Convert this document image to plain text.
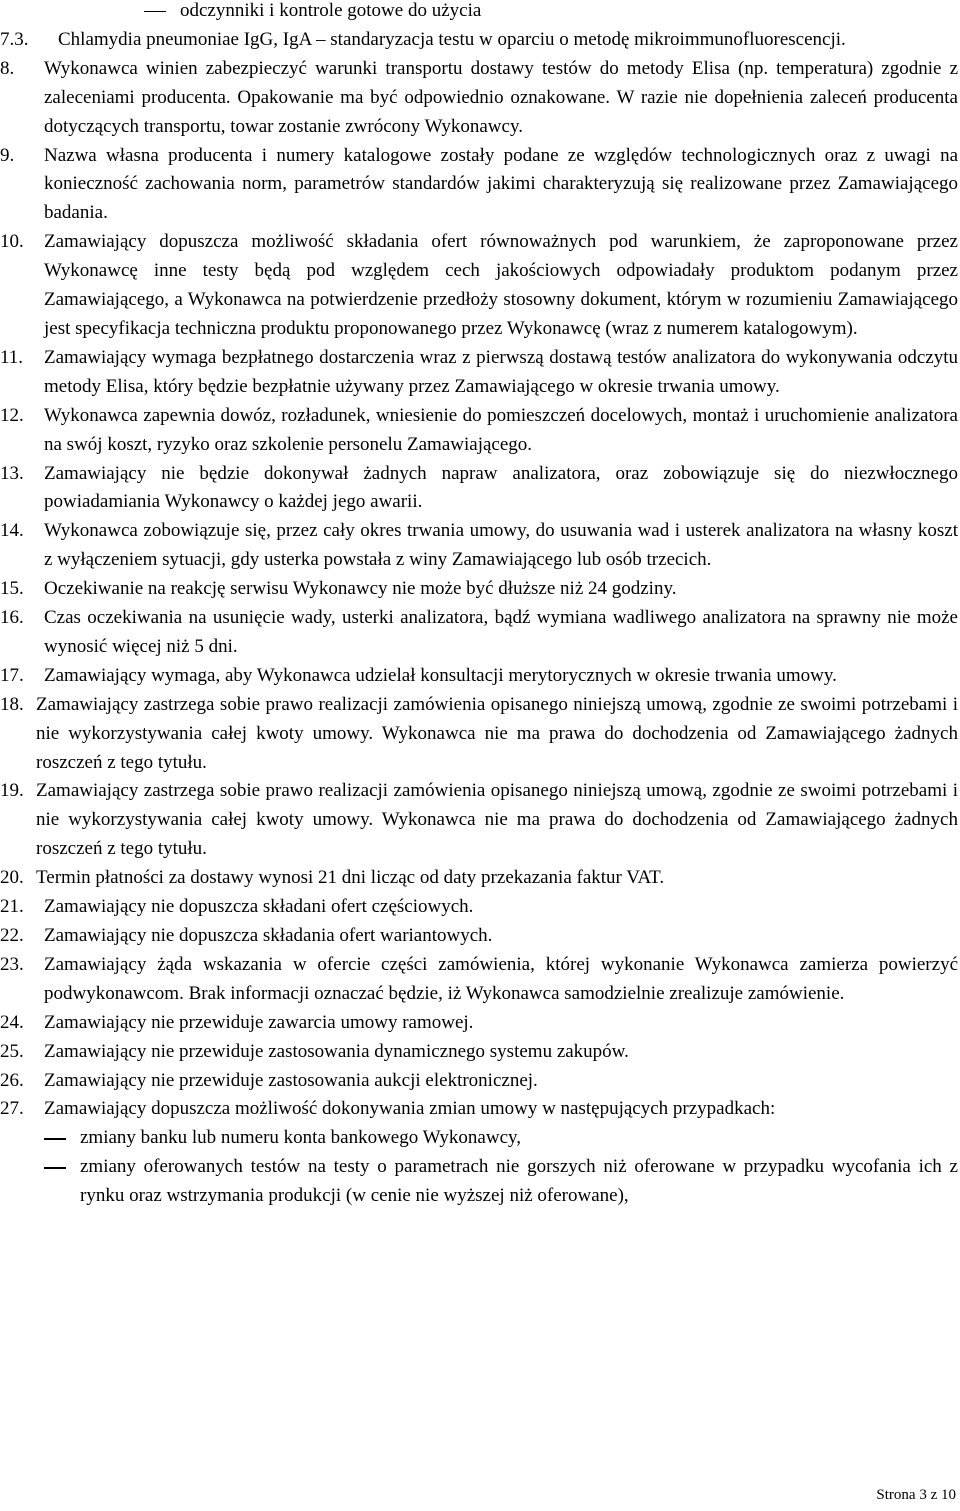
odczynniki i kontrole gotowe do użycia
7.3.	Chlamydia pneumoniae IgG, IgA – standaryzacja testu w oparciu o metodę mikroimmunofluorescencji.
8.	Wykonawca winien zabezpieczyć warunki transportu dostawy testów do metody Elisa (np. temperatura) zgodnie z zaleceniami producenta. Opakowanie ma być odpowiednio oznakowane. W razie nie dopełnienia zaleceń producenta dotyczących transportu, towar zostanie zwrócony Wykonawcy.
9.	Nazwa własna producenta i numery katalogowe zostały podane ze względów technologicznych oraz z uwagi na konieczność zachowania norm, parametrów standardów jakimi charakteryzują się realizowane przez Zamawiającego badania.
10.	Zamawiający dopuszcza możliwość składania ofert równoważnych pod warunkiem, że zaproponowane przez Wykonawcę inne testy będą pod względem cech jakościowych odpowiadały produktom podanym przez Zamawiającego, a Wykonawca na potwierdzenie przedłoży stosowny dokument, którym w rozumieniu Zamawiającego jest specyfikacja techniczna produktu proponowanego przez Wykonawcę (wraz z numerem katalogowym).
11.	Zamawiający wymaga bezpłatnego dostarczenia wraz z pierwszą dostawą testów analizatora do wykonywania odczytu metody Elisa, który będzie bezpłatnie używany przez Zamawiającego w okresie trwania umowy.
12.	Wykonawca zapewnia dowóz, rozładunek, wniesienie do pomieszczeń docelowych, montaż i uruchomienie analizatora na swój koszt, ryzyko oraz szkolenie personelu Zamawiającego.
13.	Zamawiający nie będzie dokonywał żadnych napraw analizatora, oraz zobowiązuje się do niezwłocznego powiadamiania Wykonawcy o każdej jego awarii.
14.	Wykonawca zobowiązuje się, przez cały okres trwania umowy, do usuwania wad i usterek analizatora na własny koszt z wyłączeniem sytuacji, gdy usterka powstała z winy Zamawiającego lub osób trzecich.
15.	Oczekiwanie na reakcję serwisu Wykonawcy nie może być dłuższe niż 24 godziny.
16.	Czas oczekiwania na usunięcie wady, usterki analizatora, bądź wymiana wadliwego analizatora na sprawny nie może wynosić więcej niż 5 dni.
17.	Zamawiający wymaga, aby Wykonawca udzielał konsultacji merytorycznych w okresie trwania umowy.
18. Zamawiający zastrzega sobie prawo realizacji zamówienia opisanego niniejszą umową, zgodnie ze swoimi potrzebami i nie wykorzystywania całej kwoty umowy. Wykonawca nie ma prawa do dochodzenia od Zamawiającego żadnych roszczeń z tego tytułu.
19. Zamawiający zastrzega sobie prawo realizacji zamówienia opisanego niniejszą umową, zgodnie ze swoimi potrzebami i nie wykorzystywania całej kwoty umowy. Wykonawca nie ma prawa do dochodzenia od Zamawiającego żadnych roszczeń z tego tytułu.
20. Termin płatności za dostawy wynosi 21 dni licząc od daty przekazania faktur VAT.
21.	Zamawiający nie dopuszcza składani ofert częściowych.
22.	Zamawiający nie dopuszcza składania ofert wariantowych.
23.	Zamawiający żąda wskazania w ofercie części zamówienia, której wykonanie Wykonawca zamierza powierzyć podwykonawcom. Brak informacji oznaczać będzie, iż Wykonawca samodzielnie zrealizuje zamówienie.
24.	Zamawiający nie przewiduje zawarcia umowy ramowej.
25.	Zamawiający nie przewiduje zastosowania dynamicznego systemu zakupów.
26.	Zamawiający nie przewiduje zastosowania aukcji elektronicznej.
27.	Zamawiający dopuszcza możliwość dokonywania zmian umowy w następujących przypadkach:
zmiany banku lub numeru konta bankowego Wykonawcy,
zmiany oferowanych testów na testy o parametrach nie gorszych niż oferowane w przypadku wycofania ich z rynku oraz wstrzymania produkcji (w cenie nie wyższej niż oferowane),
Strona 3 z 10
